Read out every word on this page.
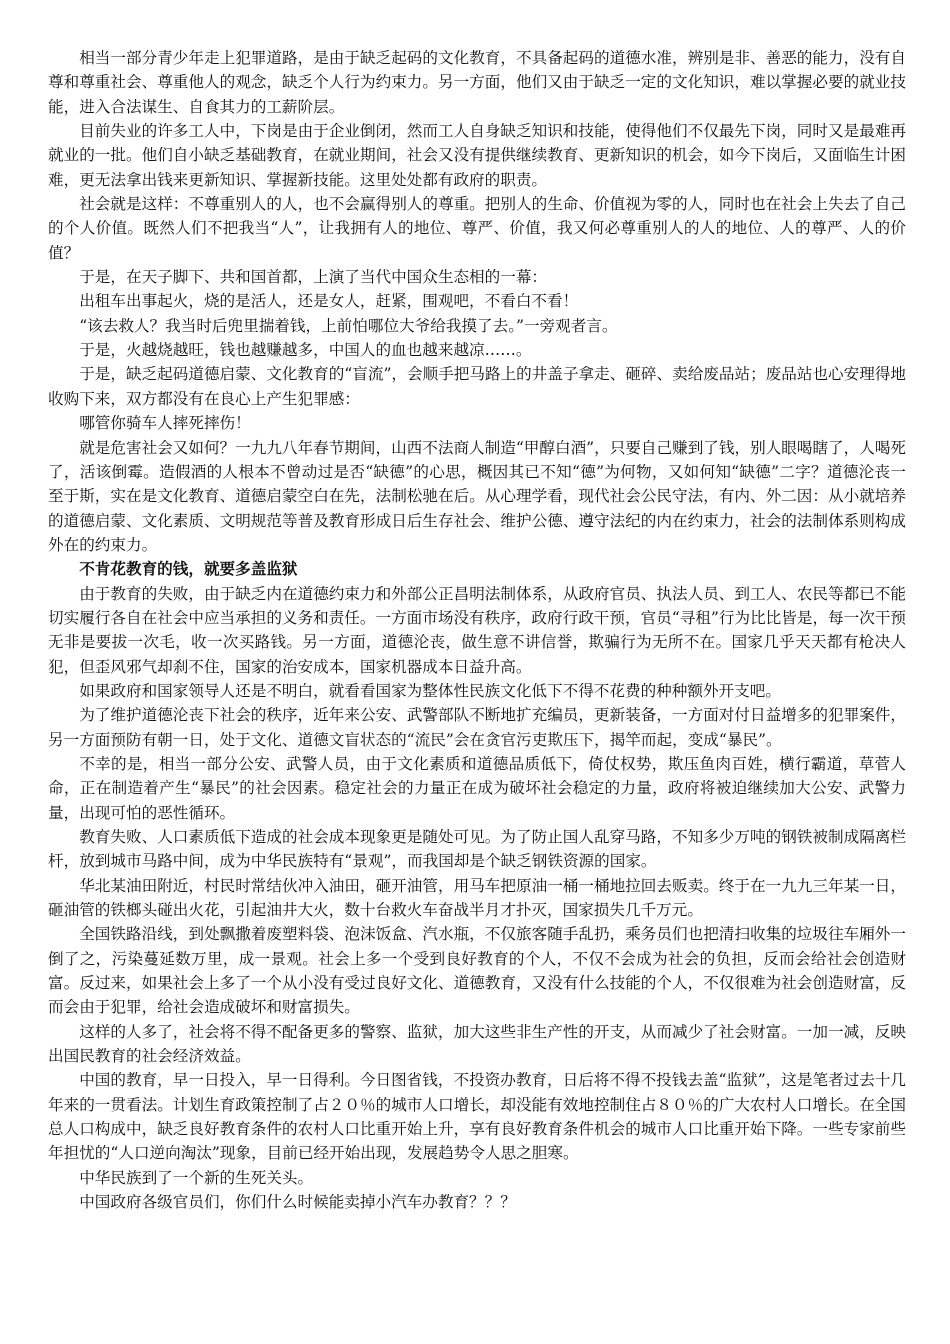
相当一部分青少年走上犯罪道路，是由于缺乏起码的文化教育，不具备起码的道德水准，辨别是非、善恶的能力，没有自尊和尊重社会、尊重他人的观念，缺乏个人行为约束力。另一方面，他们又由于缺乏一定的文化知识，难以掌握必要的就业技能，进入合法谋生、自食其力的工薪阶层。

目前失业的许多工人中，下岗是由于企业倒闭，然而工人自身缺乏知识和技能，使得他们不仅最先下岗，同时又是最难再就业的一批。他们自小缺乏基础教育，在就业期间，社会又没有提供继续教育、更新知识的机会，如今下岗后，又面临生计困难，更无法拿出钱来更新知识、掌握新技能。这里处处都有政府的职责。

社会就是这样：不尊重别人的人，也不会赢得别人的尊重。把别人的生命、价值视为零的人，同时也在社会上失去了自己的个人价值。既然人们不把我当“人”，让我拥有人的地位、尊严、价值，我又何必尊重别人的人的地位、人的尊严、人的价值？

于是，在天子脚下、共和国首都，上演了当代中国众生态相的一幕：

出租车出事起火，烧的是活人，还是女人，赶紧，围观吧，不看白不看！

“该去救人？我当时后兜里揣着钱，上前怕哪位大爷给我摸了去。”一旁观者言。

于是，火越烧越旺，钱也越赚越多，中国人的血也越来越凉……。

于是，缺乏起码道德启蒙、文化教育的“盲流”，会顺手把马路上的井盖子拿走、砸碎、卖给废品站；废品站也心安理得地收购下来，双方都没有在良心上产生犯罪感：

哪管你骑车人摔死摔伤！

就是危害社会又如何？一九九八年春节期间，山西不法商人制造“甲醇白酒”，只要自己赚到了钱，别人眼喝瞎了，人喝死了，活该倒霉。造假酒的人根本不曾动过是否“缺德”的心思，概因其已不知“德”为何物，又如何知“缺德”二字？道德沦丧一至于斯，实在是文化教育、道德启蒙空白在先，法制松驰在后。从心理学看，现代社会公民守法，有内、外二因：从小就培养的道德启蒙、文化素质、文明规范等普及教育形成日后生存社会、维护公德、遵守法纪的内在约束力，社会的法制体系则构成外在的约束力。

不肯花教育的钱，就要多盖监狱

由于教育的失败，由于缺乏内在道德约束力和外部公正昌明法制体系，从政府官员、执法人员、到工人、农民等都已不能切实履行各自在社会中应当承担的义务和责任。一方面市场没有秩序，政府行政干预，官员“寻租”行为比比皆是，每一次干预无非是要拔一次毛，收一次买路钱。另一方面，道德沦丧，做生意不讲信誉，欺骗行为无所不在。国家几乎天天都有枪决人犯，但歪风邪气却刹不住，国家的治安成本，国家机器成本日益升高。

如果政府和国家领导人还是不明白，就看看国家为整体性民族文化低下不得不花费的种种额外开支吧。

为了维护道德沦丧下社会的秩序，近年来公安、武警部队不断地扩充编员，更新装备，一方面对付日益增多的犯罪案件，另一方面预防有朝一日，处于文化、道德文盲状态的“流民”会在贪官污吏欺压下，揭竿而起，变成“暴民”。

不幸的是，相当一部分公安、武警人员，由于文化素质和道德品质低下，倚仗权势，欺压鱼肉百姓，横行霸道，草菅人命，正在制造着产生“暴民”的社会因素。稳定社会的力量正在成为破坏社会稳定的力量，政府将被迫继续加大公安、武警力量，出现可怕的恶性循环。

教育失败、人口素质低下造成的社会成本现象更是随处可见。为了防止国人乱穿马路，不知多少万吨的钢铁被制成隔离栏杆，放到城市马路中间，成为中华民族特有“景观”，而我国却是个缺乏钢铁资源的国家。

华北某油田附近，村民时常结伙冲入油田，砸开油管，用马车把原油一桶一桶地拉回去贩卖。终于在一九九三年某一日，砸油管的铁榔头碰出火花，引起油井大火，数十台救火车奋战半月才扑灭，国家损失几千万元。

全国铁路沿线，到处飘撒着废塑料袋、泡沫饭盒、汽水瓶，不仅旅客随手乱扔，乘务员们也把清扫收集的垃圾往车厢外一倒了之，污染蔓延数万里，成一景观。社会上多一个受到良好教育的个人，不仅不会成为社会的负担，反而会给社会创造财富。反过来，如果社会上多了一个从小没有受过良好文化、道德教育，又没有什么技能的个人，不仅很难为社会创造财富，反而会由于犯罪，给社会造成破坏和财富损失。

这样的人多了，社会将不得不配备更多的警察、监狱，加大这些非生产性的开支，从而减少了社会财富。一加一减，反映出国民教育的社会经济效益。

中国的教育，早一日投入，早一日得利。今日图省钱，不投资办教育，日后将不得不投钱去盖“监狱”，这是笔者过去十几年来的一贯看法。计划生育政策控制了占２０％的城市人口增长，却没能有效地控制住占８０％的广大农村人口增长。在全国总人口构成中，缺乏良好教育条件的农村人口比重开始上升，享有良好教育条件机会的城市人口比重开始下降。一些专家前些年担忧的“人口逆向淘汰”现象，目前已经开始出现，发展趋势令人思之胆寒。

中华民族到了一个新的生死关头。

中国政府各级官员们，你们什么时候能卖掉小汽车办教育？？？
